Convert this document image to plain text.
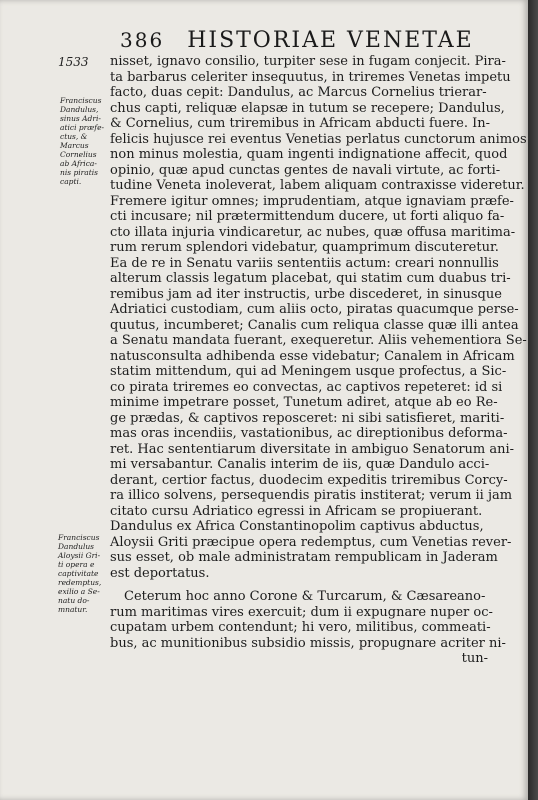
386 HISTORIAE VENETAE
1533
Franciscus
Dandulus,
sinus Adri-
atici præfe-
ctus, &
Marcus
Cornelius
ab Africa-
nis piratis
capti.
Franciscus
Dandulus
Aloysii Gri-
ti opera e
captivitate
redemptus,
exilio a Se-
natu do-
mnatur.
nisset, ignavo consilio, turpiter sese in fugam conjecit. Pira-
ta barbarus celeriter insequutus, in triremes Venetas impetu
facto, duas cepit: Dandulus, ac Marcus Cornelius trierar-
chus capti, reliquæ elapsæ in tutum se recepere; Dandulus,
& Cornelius, cum triremibus in Africam abducti fuere. In-
felicis hujusce rei eventus Venetias perlatus cunctorum animos
non minus molestia, quam ingenti indignatione affecit, quod
opinio, quæ apud cunctas gentes de navali virtute, ac forti-
tudine Veneta inoleverat, labem aliquam contraxisse videretur.
Fremere igitur omnes; imprudentiam, atque ignaviam præfe-
cti incusare; nil prætermittendum ducere, ut forti aliquo fa-
cto illata injuria vindicaretur, ac nubes, quæ offusa maritima-
rum rerum splendori videbatur, quamprimum discuteretur.
Ea de re in Senatu variis sententiis actum: creari nonnullis
alterum classis legatum placebat, qui statim cum duabus tri-
remibus jam ad iter instructis, urbe discederet, in sinusque
Adriatici custodiam, cum aliis octo, piratas quacumque perse-
quutus, incumberet; Canalis cum reliqua classe quæ illi antea
a Senatu mandata fuerant, exequeretur. Aliis vehementiora Se-
natusconsulta adhibenda esse videbatur; Canalem in Africam
statim mittendum, qui ad Meningem usque profectus, a Sic-
co pirata triremes eo convectas, ac captivos repeteret: id si
minime impetrare posset, Tunetum adiret, atque ab eo Re-
ge prædas, & captivos reposceret: ni sibi satisfieret, mariti-
mas oras incendiis, vastationibus, ac direptionibus deforma-
ret. Hac sententiarum diversitate in ambiguo Senatorum ani-
mi versabantur. Canalis interim de iis, quæ Dandulo acci-
derant, certior factus, duodecim expeditis triremibus Corcy-
ra illico solvens, persequendis piratis institerat; verum ii jam
citato cursu Adriatico egressi in Africam se propiuerant.
Dandulus ex Africa Constantinopolim captivus abductus,
Aloysii Griti præcipue opera redemptus, cum Venetias rever-
sus esset, ob male administratam rempublicam in Jaderam
est deportatus.
Ceterum hoc anno Corone & Turcarum, & Cæsareano-
rum maritimas vires exercuit; dum ii expugnare nuper oc-
cupatam urbem contendunt; hi vero, militibus, commeati-
bus, ac munitionibus subsidio missis, propugnare acriter ni-
tun-
